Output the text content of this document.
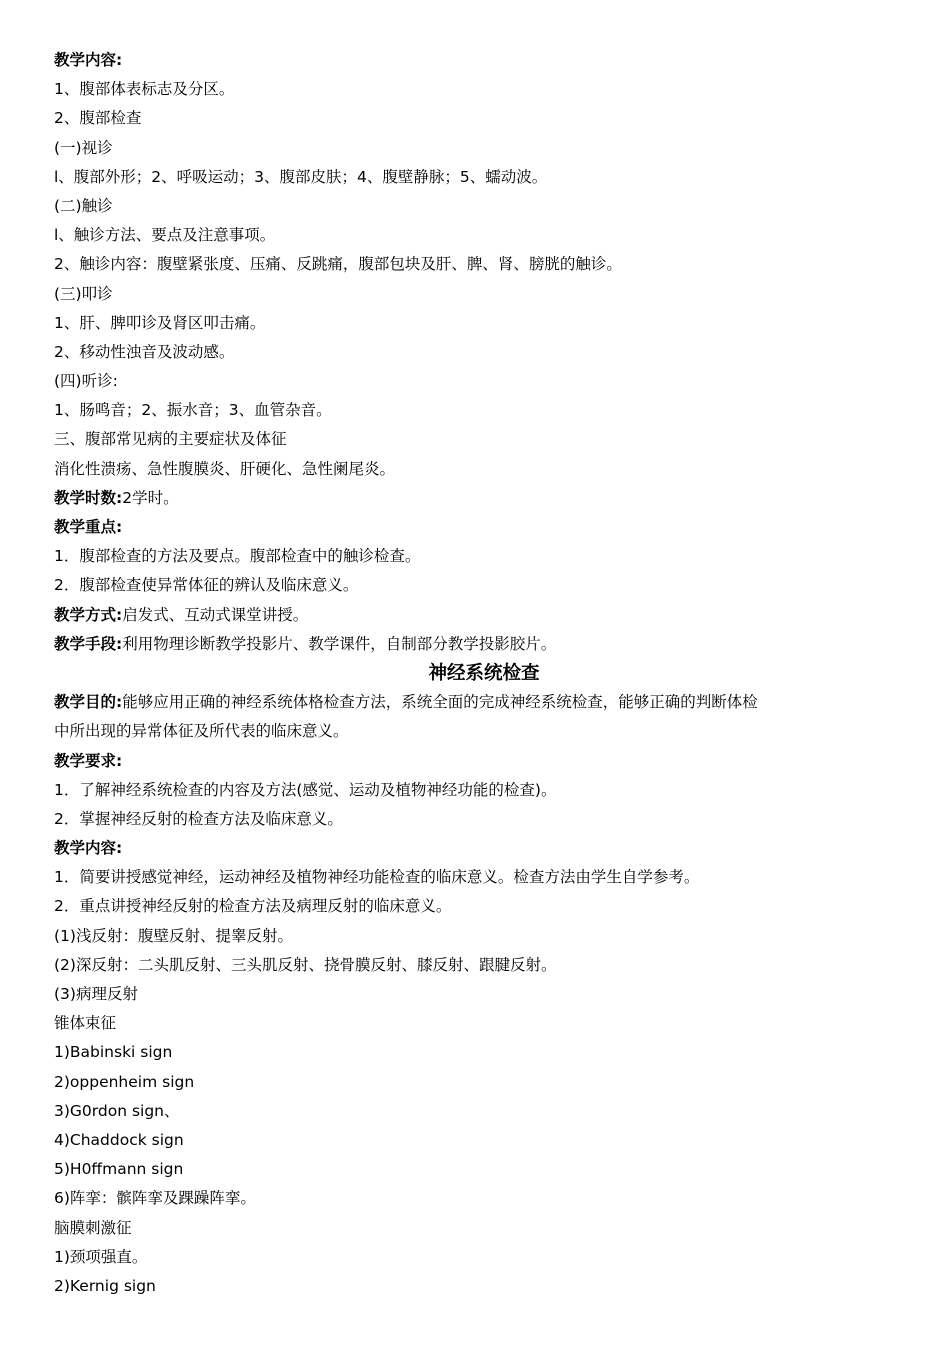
教学内容:
1、腹部体表标志及分区。
2、腹部检查
(一)视诊
l、腹部外形；2、呼吸运动；3、腹部皮肤；4、腹壁静脉；5、蠕动波。
(二)触诊
l、触诊方法、要点及注意事项。
2、触诊内容：腹壁紧张度、压痛、反跳痛，腹部包块及肝、脾、肾、膀胱的触诊。
(三)叩诊
1、肝、脾叩诊及肾区叩击痛。
2、移动性浊音及波动感。
(四)听诊:
1、肠鸣音；2、振水音；3、血管杂音。
三、腹部常见病的主要症状及体征
消化性溃疡、急性腹膜炎、肝硬化、急性阑尾炎。
教学时数:2学时。
教学重点:
1．腹部检查的方法及要点。腹部检查中的触诊检查。
2．腹部检查使异常体征的辨认及临床意义。
教学方式:启发式、互动式课堂讲授。
教学手段:利用物理诊断教学投影片、教学课件，自制部分教学投影胶片。
神经系统检查
教学目的:能够应用正确的神经系统体格检查方法，系统全面的完成神经系统检查，能够正确的判断体检
中所出现的异常体征及所代表的临床意义。
教学要求:
1．了解神经系统检查的内容及方法(感觉、运动及植物神经功能的检查)。
2．掌握神经反射的检查方法及临床意义。
教学内容:
1．简要讲授感觉神经，运动神经及植物神经功能检查的临床意义。检查方法由学生自学参考。
2．重点讲授神经反射的检查方法及病理反射的临床意义。
(1)浅反射：腹壁反射、提睾反射。
(2)深反射：二头肌反射、三头肌反射、挠骨膜反射、膝反射、跟腱反射。
(3)病理反射
锥体束征
1)Babinski sign
2)oppenheim sign
3)G0rdon sign、
4)Chaddock sign
5)H0ffmann sign
6)阵挛：髌阵挛及踝躁阵挛。
脑膜刺激征
1)颈项强直。
2)Kernig sign
